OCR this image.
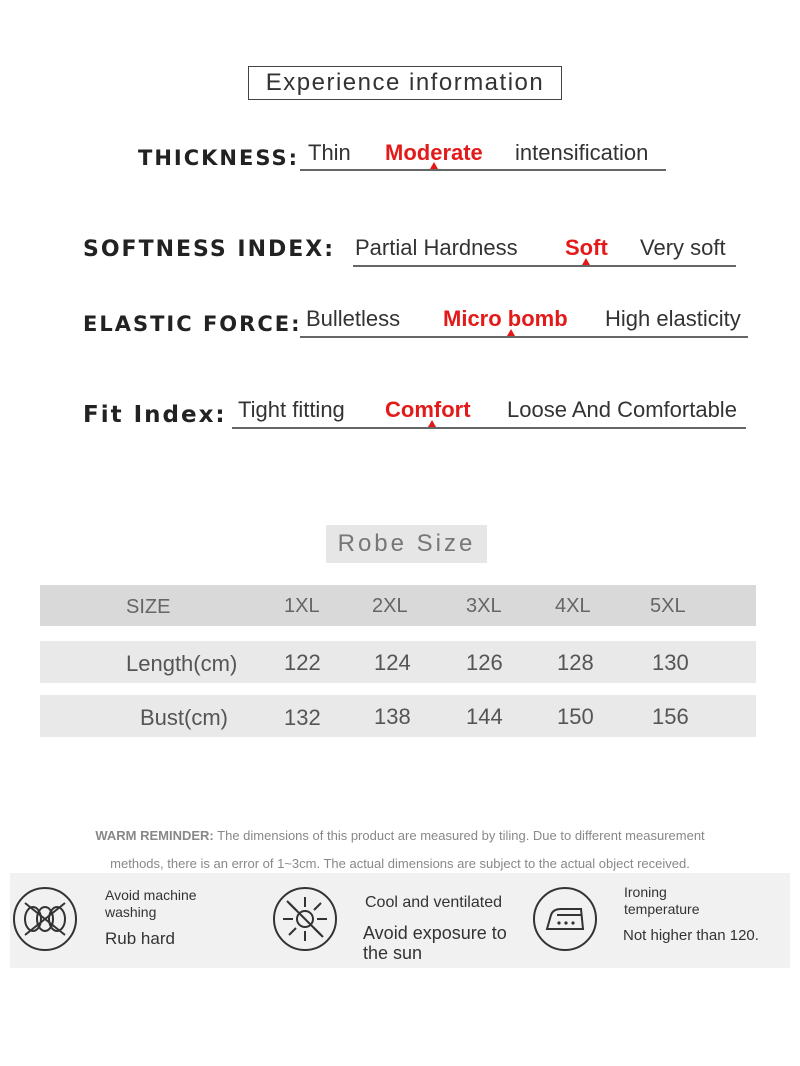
Experience information
THICKNESS: Thin Moderate intensification
SOFTNESS INDEX: Partial Hardness Soft Very soft
ELASTIC FORCE: Bulletless Micro bomb High elasticity
Fit Index: Tight fitting Comfort Loose And Comfortable
Robe Size
SIZE	1XL	2XL	3XL	4XL	5XL
Length(cm) 122 124	126 128	130
Bust(cm)	132 138	144 150	156
WARM REMINDER: The dimensions of this product are measured by tiling. Due to different measurement
methods, there is an error of 1~3cm. The actual dimensions are subject to the actual object received.
Avoid machine
washing
Rub hard
Cool and ventilated
Avoid exposure to
the sun
Ironing
temperature
Not higher than 120.
